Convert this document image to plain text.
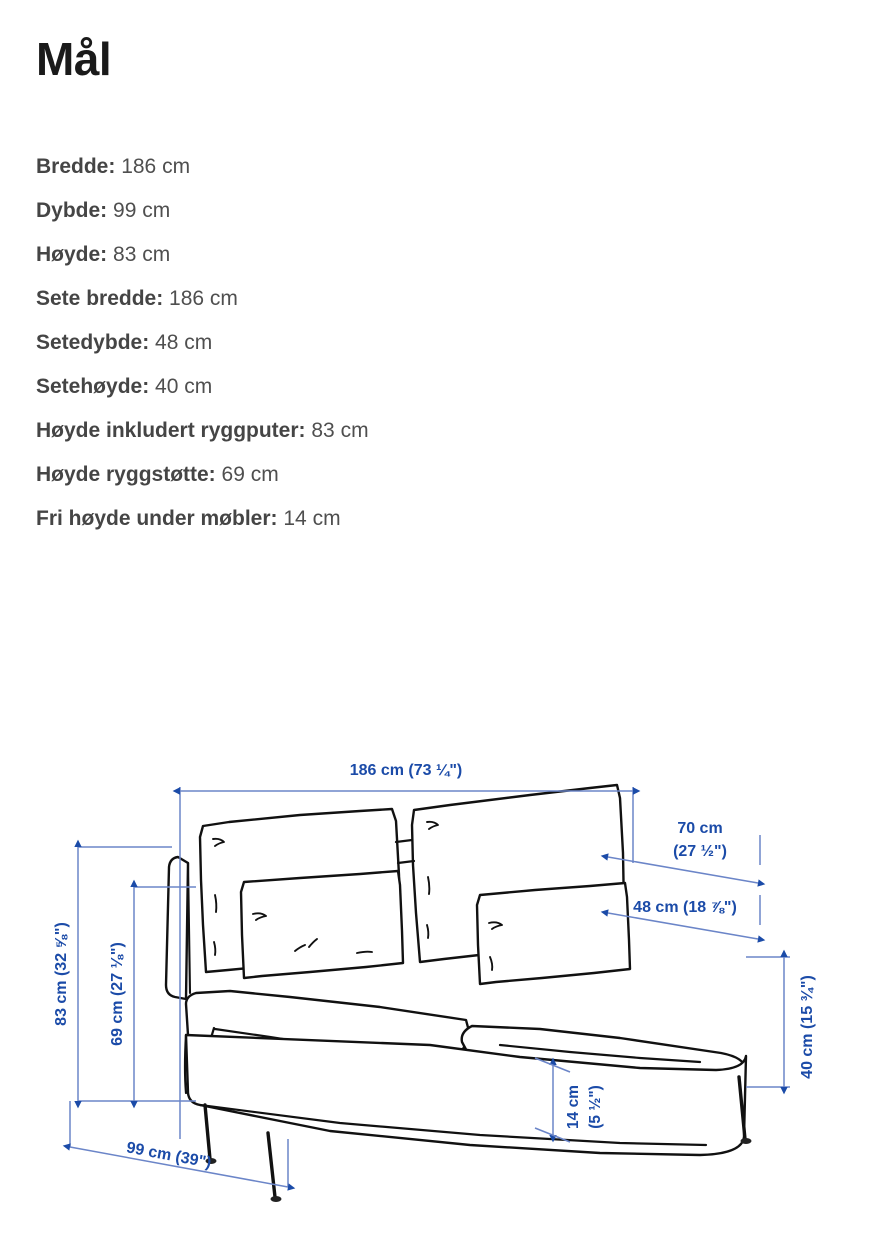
Mål
Bredde: 186 cm
Dybde: 99 cm
Høyde: 83 cm
Sete bredde: 186 cm
Setedybde: 48 cm
Setehøyde: 40 cm
Høyde inkludert ryggputer: 83 cm
Høyde ryggstøtte: 69 cm
Fri høyde under møbler: 14 cm
186 cm (73 ¼")
83 cm (32 ⅝") 69 cm (27 ⅛")
99 cm (39")
70 cm
(27 ½")
48 cm (18 ⅞")
40 cm (15 ¾")
14 cm (5 ½")
